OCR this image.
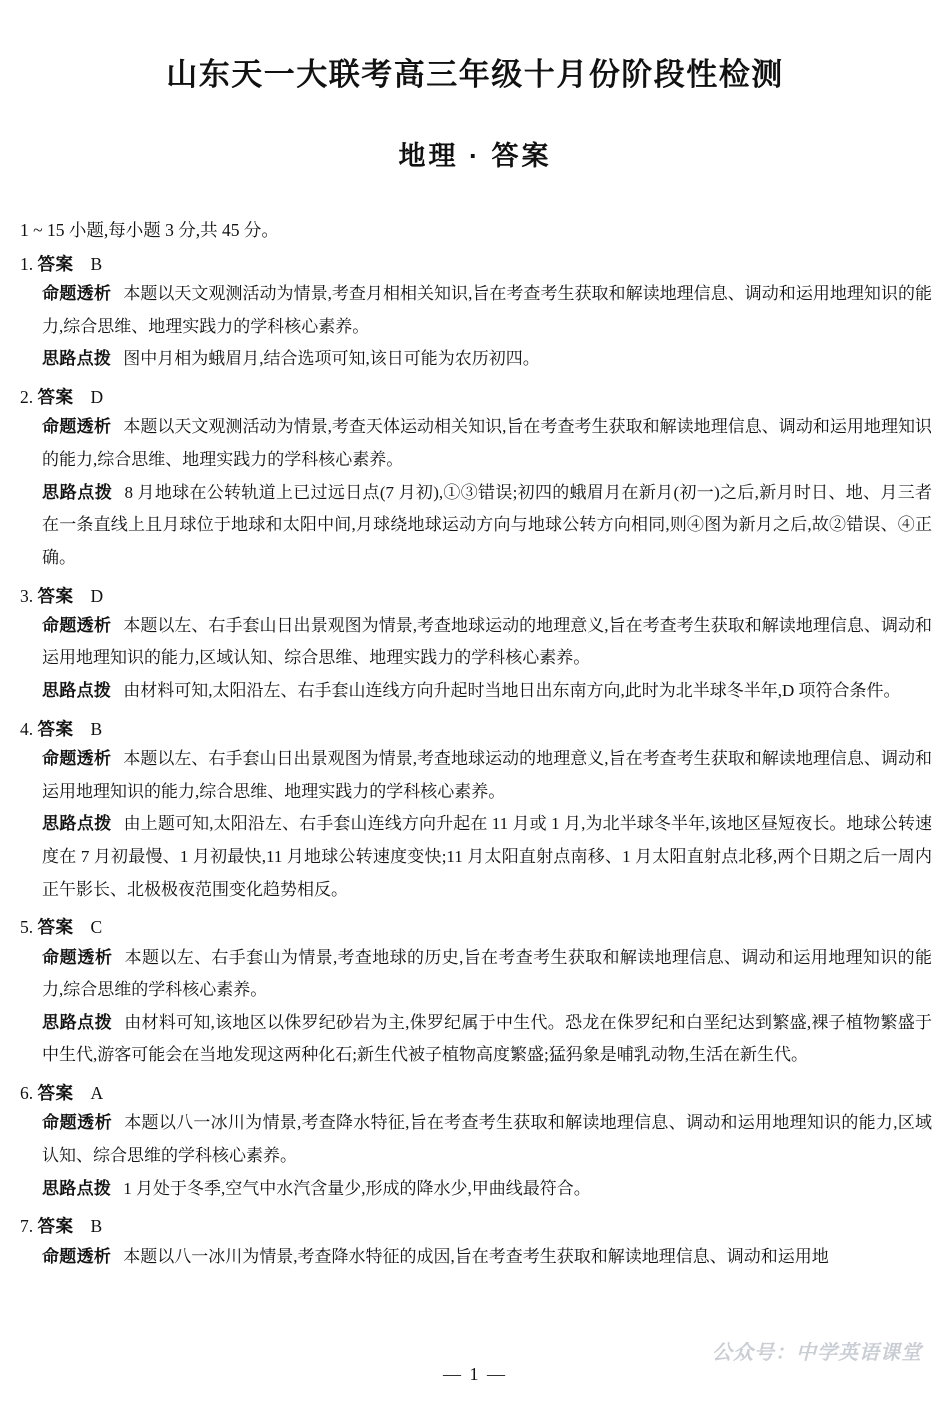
山东天一大联考高三年级十月份阶段性检测
地理 · 答案
1 ~ 15 小题,每小题 3 分,共 45 分。
1. 答案 B
命题透析 本题以天文观测活动为情景,考查月相相关知识,旨在考查考生获取和解读地理信息、调动和运用地理知识的能力,综合思维、地理实践力的学科核心素养。
思路点拨 图中月相为蛾眉月,结合选项可知,该日可能为农历初四。
2. 答案 D
命题透析 本题以天文观测活动为情景,考查天体运动相关知识,旨在考查考生获取和解读地理信息、调动和运用地理知识的能力,综合思维、地理实践力的学科核心素养。
思路点拨 8 月地球在公转轨道上已过远日点(7 月初),①③错误;初四的蛾眉月在新月(初一)之后,新月时日、地、月三者在一条直线上且月球位于地球和太阳中间,月球绕地球运动方向与地球公转方向相同,则④图为新月之后,故②错误、④正确。
3. 答案 D
命题透析 本题以左、右手套山日出景观图为情景,考查地球运动的地理意义,旨在考查考生获取和解读地理信息、调动和运用地理知识的能力,区域认知、综合思维、地理实践力的学科核心素养。
思路点拨 由材料可知,太阳沿左、右手套山连线方向升起时当地日出东南方向,此时为北半球冬半年,D 项符合条件。
4. 答案 B
命题透析 本题以左、右手套山日出景观图为情景,考查地球运动的地理意义,旨在考查考生获取和解读地理信息、调动和运用地理知识的能力,综合思维、地理实践力的学科核心素养。
思路点拨 由上题可知,太阳沿左、右手套山连线方向升起在 11 月或 1 月,为北半球冬半年,该地区昼短夜长。地球公转速度在 7 月初最慢、1 月初最快,11 月地球公转速度变快;11 月太阳直射点南移、1 月太阳直射点北移,两个日期之后一周内正午影长、北极极夜范围变化趋势相反。
5. 答案 C
命题透析 本题以左、右手套山为情景,考查地球的历史,旨在考查考生获取和解读地理信息、调动和运用地理知识的能力,综合思维的学科核心素养。
思路点拨 由材料可知,该地区以侏罗纪砂岩为主,侏罗纪属于中生代。恐龙在侏罗纪和白垩纪达到繁盛,裸子植物繁盛于中生代,游客可能会在当地发现这两种化石;新生代被子植物高度繁盛;猛犸象是哺乳动物,生活在新生代。
6. 答案 A
命题透析 本题以八一冰川为情景,考查降水特征,旨在考查考生获取和解读地理信息、调动和运用地理知识的能力,区域认知、综合思维的学科核心素养。
思路点拨 1 月处于冬季,空气中水汽含量少,形成的降水少,甲曲线最符合。
7. 答案 B
命题透析 本题以八一冰川为情景,考查降水特征的成因,旨在考查考生获取和解读地理信息、调动和运用地
— 1 —
公众号：中学英语课堂
